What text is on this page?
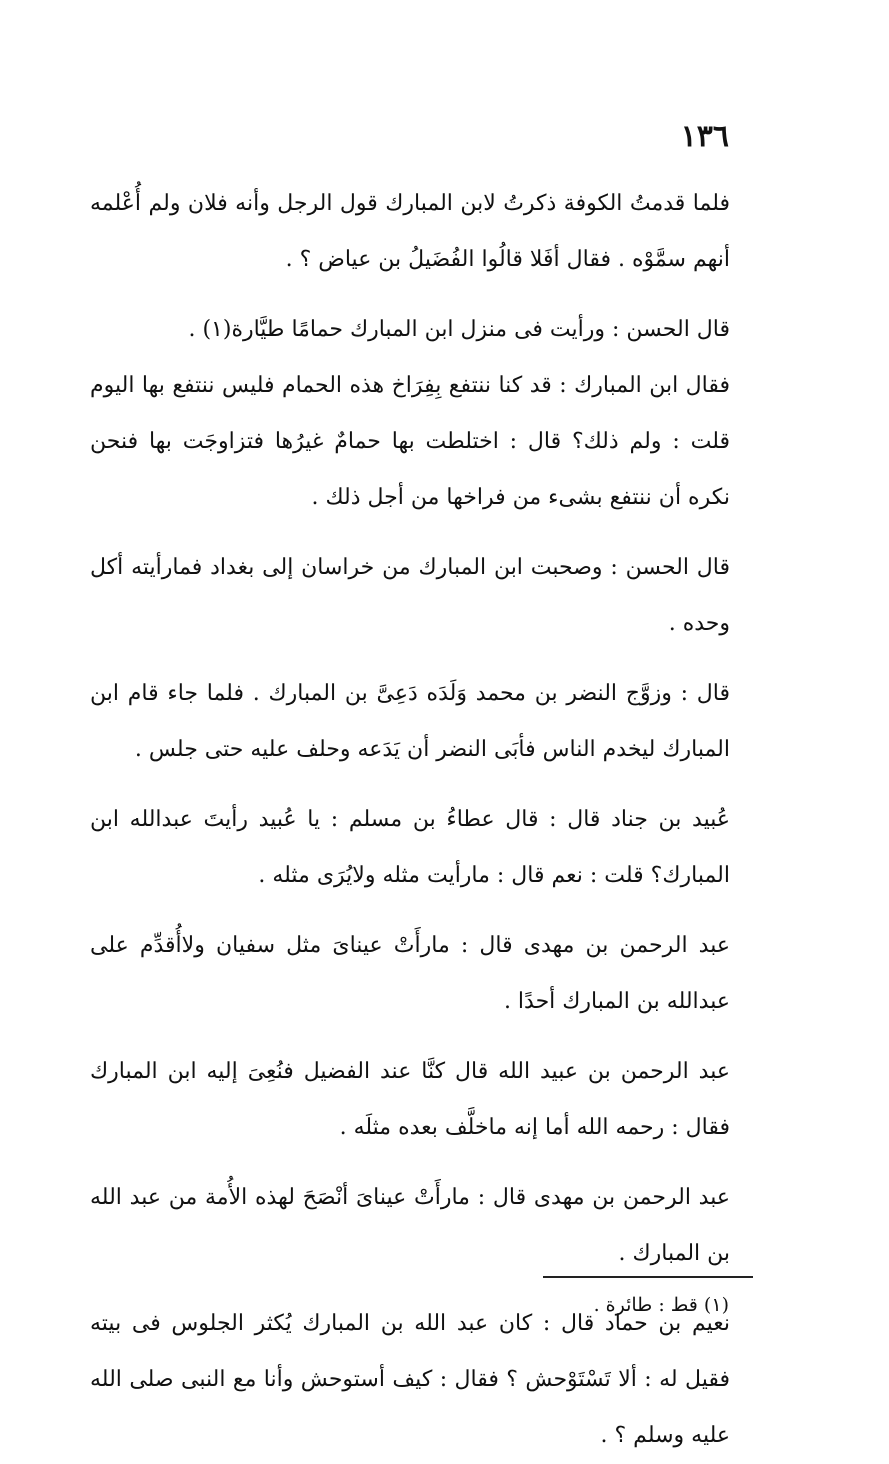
١٣٦

فلما قدمتُ الكوفة ذكرتُ لابن المبارك قول الرجل وأنه فلان ولم أُعْلمه أنهم سمَّوْه . فقال أفَلا قالُوا الفُضَيلُ بن عياض ؟ .

قال الحسن : ورأيت فى منزل ابن المبارك حمامًا طيَّارة(١) .

فقال ابن المبارك : قد كنا ننتفع بِفِرَاخ هذه الحمام فليس ننتفع بها اليوم قلت : ولم ذلك؟ قال : اختلطت بها حمامٌ غيرُها فتزاوجَت بها فنحن نكره أن ننتفع بشىء من فراخها من أجل ذلك .

قال الحسن : وصحبت ابن المبارك من خراسان إلى بغداد فمارأيته أكل وحده .

قال : وزوَّج النضر بن محمد وَلَدَه دَعِىَّ بن المبارك . فلما جاء قام ابن المبارك ليخدم الناس فأبَى النضر أن يَدَعه وحلف عليه حتى جلس .

عُبيد بن جناد قال : قال عطاءُ بن مسلم : يا عُبيد رأيتَ عبدالله ابن المبارك؟ قلت : نعم قال : مارأيت مثله ولايُرَى مثله .

عبد الرحمن بن مهدى قال : مارأَتْ عيناىَ مثل سفيان ولاأُقدِّم على عبدالله بن المبارك أحدًا .

عبد الرحمن بن عبيد الله قال كنَّا عند الفضيل فنُعِىَ إليه ابن المبارك فقال : رحمه الله أما إنه ماخلَّف بعده مثلَه .

عبد الرحمن بن مهدى قال : مارأَتْ عيناىَ أنْصَحَ لهذه الأُمة من عبد الله بن المبارك .

نعيم بن حماد قال : كان عبد الله بن المبارك يُكثر الجلوس فى بيته فقيل له : ألا تَسْتَوْحش ؟ فقال : كيف أستوحش وأنا مع النبى صلى الله عليه وسلم ؟ .

(١) قط : طائرة .
